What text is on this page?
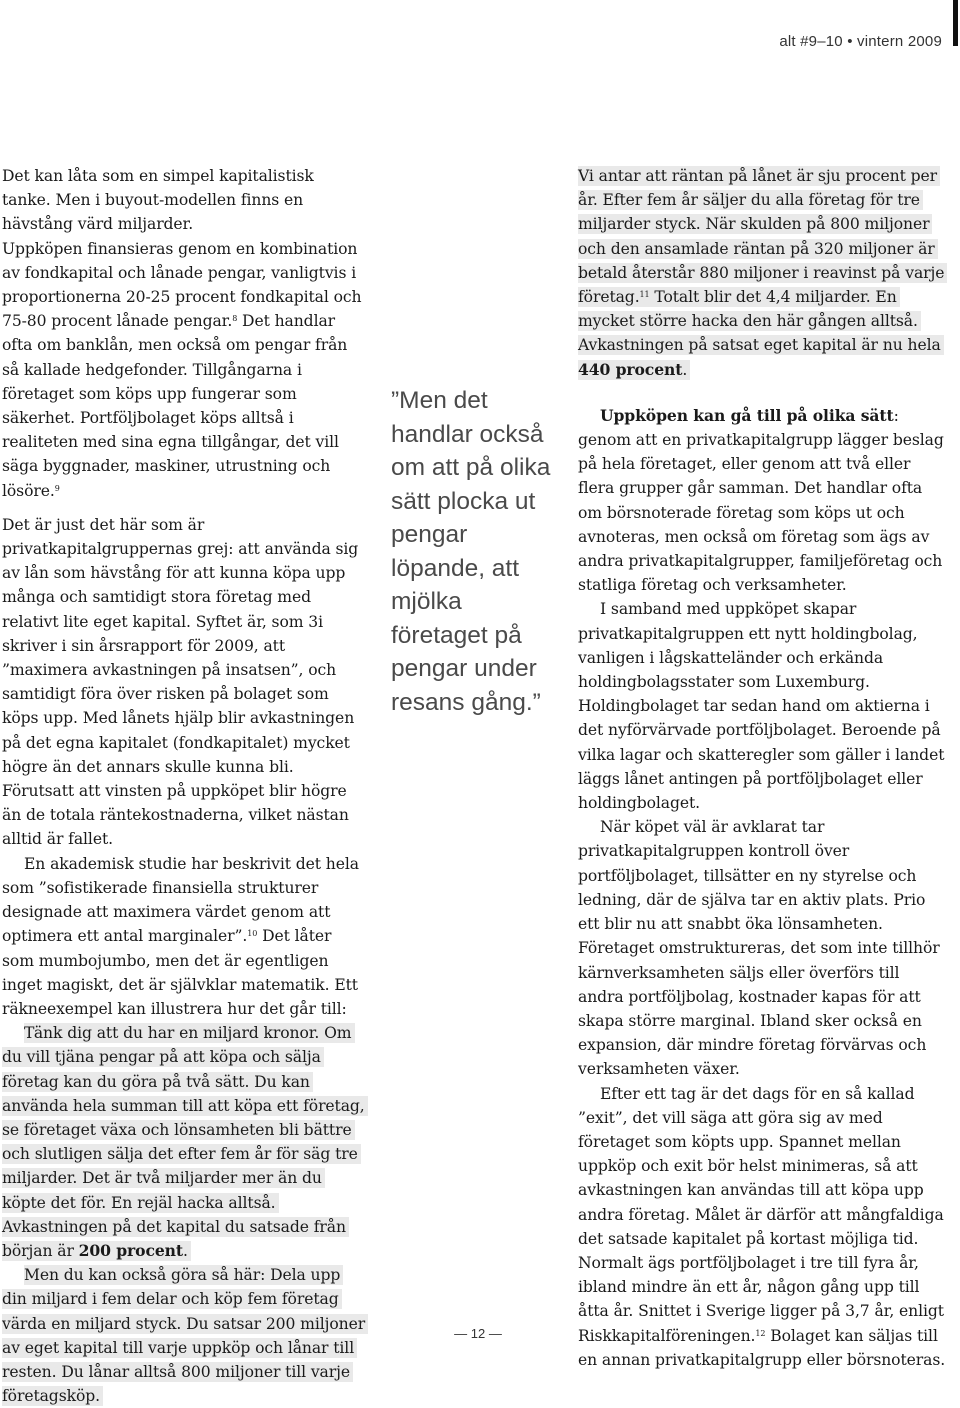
alt #9–10 • vintern 2009

Det kan låta som en simpel kapitalistisk tanke. Men i buyout-modellen finns en hävstång värd miljarder.

Uppköpen finansieras genom en kombination av fondkapital och lånade pengar, vanligtvis i proportionerna 20-25 procent fondkapital och 75-80 procent lånade pengar.$^8$ Det handlar ofta om banklån, men också om pengar från så kallade hedgefonder. Tillgångarna i företaget som köps upp fungerar som säkerhet. Portföljbolaget köps alltså i realiteten med sina egna tillgångar, det vill säga byggnader, maskiner, utrustning och lösöre.$^9$

Det är just det här som är privatkapitalgruppernas grej: att använda sig av lån som hävstång för att kunna köpa upp många och samtidigt stora företag med relativt lite eget kapital. Syftet är, som 3i skriver i sin årsrapport för 2009, att ”maximera avkastningen på insatsen”, och samtidigt föra över risken på bolaget som köps upp. Med lånets hjälp blir avkastningen på det egna kapitalet (fondkapitalet) mycket högre än det annars skulle kunna bli. Förutsatt att vinsten på uppköpet blir högre än de totala räntekostnaderna, vilket nästan alltid är fallet.

En akademisk studie har beskrivit det hela som ”sofistikerade finansiella strukturer designade att maximera värdet genom att optimera ett antal marginaler”.$^{10}$ Det låter som mumbojumbo, men det är egentligen inget magiskt, det är självklar matematik. Ett räkneexempel kan illustrera hur det går till:

Tänk dig att du har en miljard kronor. Om du vill tjäna pengar på att köpa och sälja företag kan du göra på två sätt. Du kan använda hela summan till att köpa ett företag, se företaget växa och lönsamheten bli bättre och slutligen sälja det efter fem år för säg tre miljarder. Det är två miljarder mer än du köpte det för. En rejäl hacka alltså. Avkastningen på det kapital du satsade från början är 200 procent.

Men du kan också göra så här: Dela upp din miljard i fem delar och köp fem företag värda en miljard styck. Du satsar 200 miljoner av eget kapital till varje uppköp och lånar till resten. Du lånar alltså 800 miljoner till varje företagsköp.

”Men det handlar också om att på olika sätt plocka ut pengar löpande, att mjölka företaget på pengar under resans gång.”

Vi antar att räntan på lånet är sju procent per år. Efter fem år säljer du alla företag för tre miljarder styck. När skulden på 800 miljoner och den ansamlade räntan på 320 miljoner är betald återstår 880 miljoner i reavinst på varje företag.$^{11}$ Totalt blir det 4,4 miljarder. En mycket större hacka den här gången alltså. Avkastningen på satsat eget kapital är nu hela 440 procent.

Uppköpen kan gå till på olika sätt: genom att en privatkapitalgrupp lägger beslag på hela företaget, eller genom att två eller flera grupper går samman. Det handlar ofta om börsnoterade företag som köps ut och avnoteras, men också om företag som ägs av andra privatkapitalgrupper, familjeföretag och statliga företag och verksamheter.

I samband med uppköpet skapar privatkapitalgruppen ett nytt holdingbolag, vanligen i lågskatteländer och erkända holdingbolagsstater som Luxemburg. Holdingbolaget tar sedan hand om aktierna i det nyförvärvade portföljbolaget. Beroende på vilka lagar och skatteregler som gäller i landet läggs lånet antingen på portföljbolaget eller holdingbolaget.

När köpet väl är avklarat tar privatkapitalgruppen kontroll över portföljbolaget, tillsätter en ny styrelse och ledning, där de själva tar en aktiv plats. Prio ett blir nu att snabbt öka lönsamheten. Företaget omstruktureras, det som inte tillhör kärnverksamheten säljs eller överförs till andra portföljbolag, kostnader kapas för att skapa större marginal. Ibland sker också en expansion, där mindre företag förvärvas och verksamheten växer.

Efter ett tag är det dags för en så kallad ”exit”, det vill säga att göra sig av med företaget som köpts upp. Spannet mellan uppköp och exit bör helst minimeras, så att avkastningen kan användas till att köpa upp andra företag. Målet är därför att mångfaldiga det satsade kapitalet på kortast möjliga tid. Normalt ägs portföljbolaget i tre till fyra år, ibland mindre än ett år, någon gång upp till åtta år. Snittet i Sverige ligger på 3,7 år, enligt Riskkapitalföreningen.$^{12}$ Bolaget kan säljas till en annan privatkapitalgrupp eller börsnoteras.

— 12 —
